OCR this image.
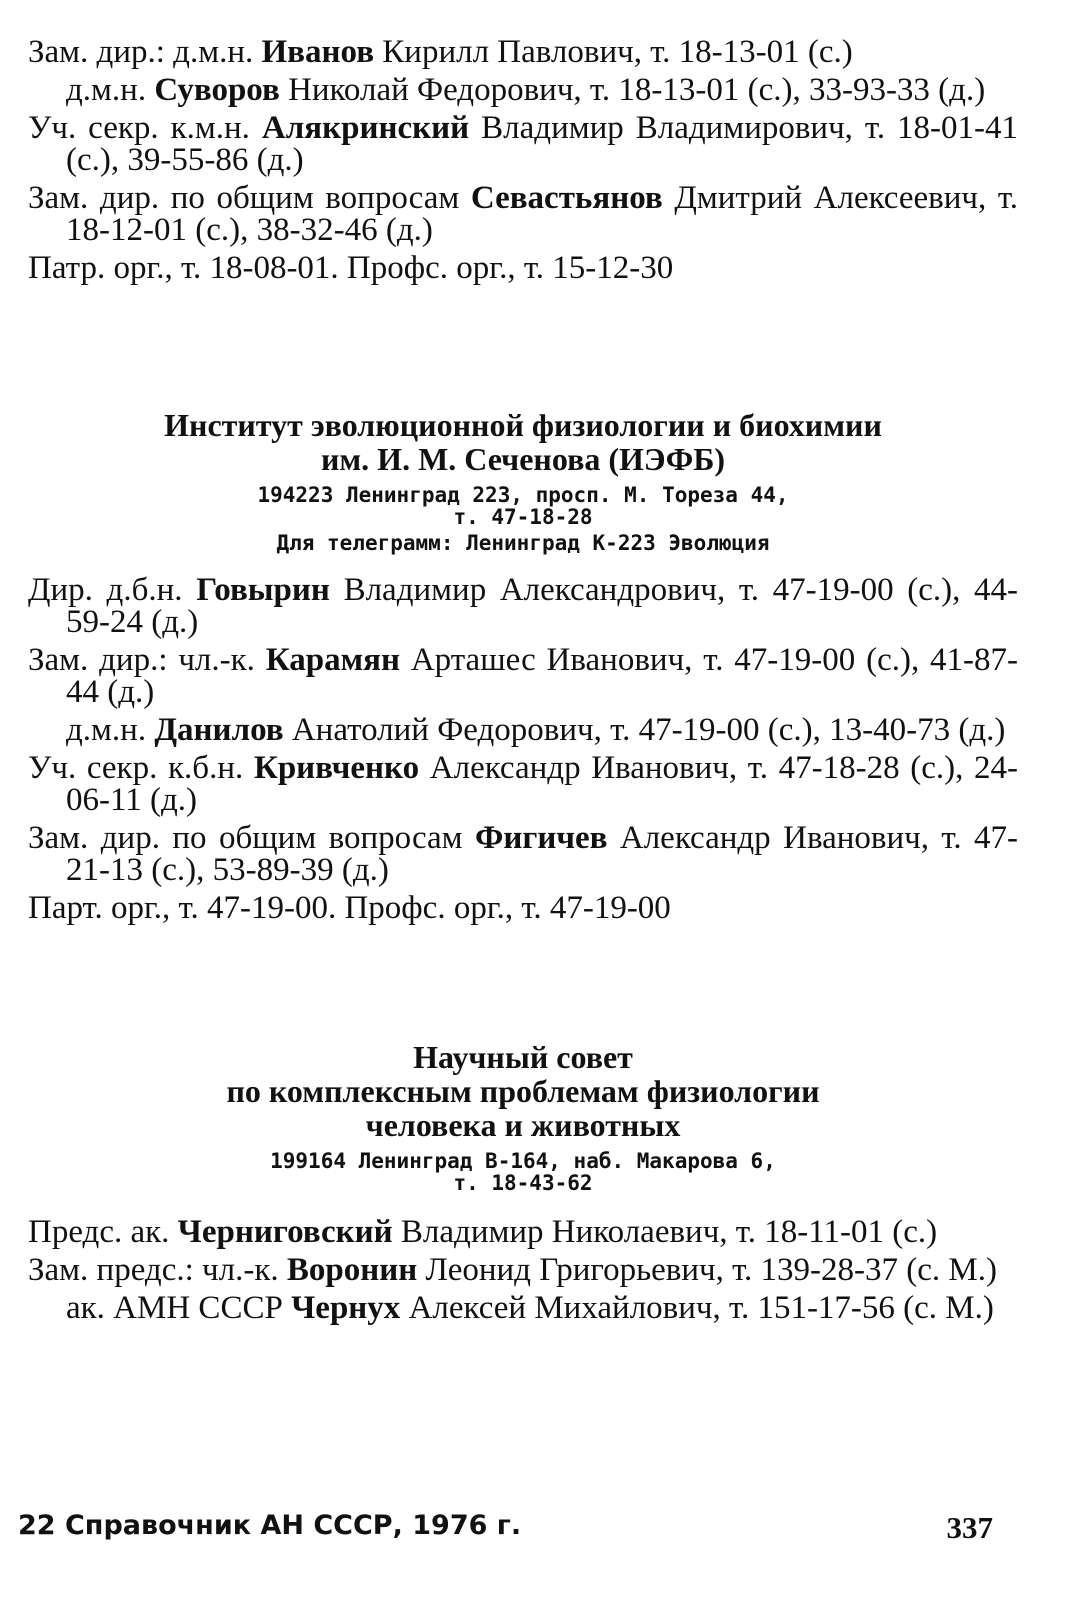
Зам. дир.: д.м.н. Иванов Кирилл Павлович, т. 18-13-01 (с.)

д.м.н. Суворов Николай Федорович, т. 18-13-01 (с.), 33-93-33 (д.)

Уч. секр. к.м.н. Алякринский Владимир Владимирович, т. 18-01-41 (с.), 39-55-86 (д.)

Зам. дир. по общим вопросам Севастьянов Дмитрий Алексеевич, т. 18-12-01 (с.), 38-32-46 (д.)

Патр. орг., т. 18-08-01. Профс. орг., т. 15-12-30

Институт эволюционной физиологии и биохимии

им. И. М. Сеченова (ИЭФБ)

194223 Ленинград 223, просп. М. Тореза 44,

т. 47-18-28

Для телеграмм: Ленинград К-223 Эволюция

Дир. д.б.н. Говырин Владимир Александрович, т. 47-19-00 (с.), 44-59-24 (д.)

Зам. дир.: чл.-к. Карамян Арташес Иванович, т. 47-19-00 (с.), 41-87-44 (д.)

д.м.н. Данилов Анатолий Федорович, т. 47-19-00 (с.), 13-40-73 (д.)

Уч. секр. к.б.н. Кривченко Александр Иванович, т. 47-18-28 (с.), 24-06-11 (д.)

Зам. дир. по общим вопросам Фигичев Александр Иванович, т. 47-21-13 (с.), 53-89-39 (д.)

Парт. орг., т. 47-19-00. Профс. орг., т. 47-19-00

Научный совет

по комплексным проблемам физиологии

человека и животных

199164 Ленинград В-164, наб. Макарова 6,

т. 18-43-62

Предс. ак. Черниговский Владимир Николаевич, т. 18-11-01 (с.)

Зам. предс.: чл.-к. Воронин Леонид Григорьевич, т. 139-28-37 (с. М.)

ак. АМН СССР Чернух Алексей Михайлович, т. 151-17-56 (с. М.)

22 Справочник АН СССР, 1976 г.	337
